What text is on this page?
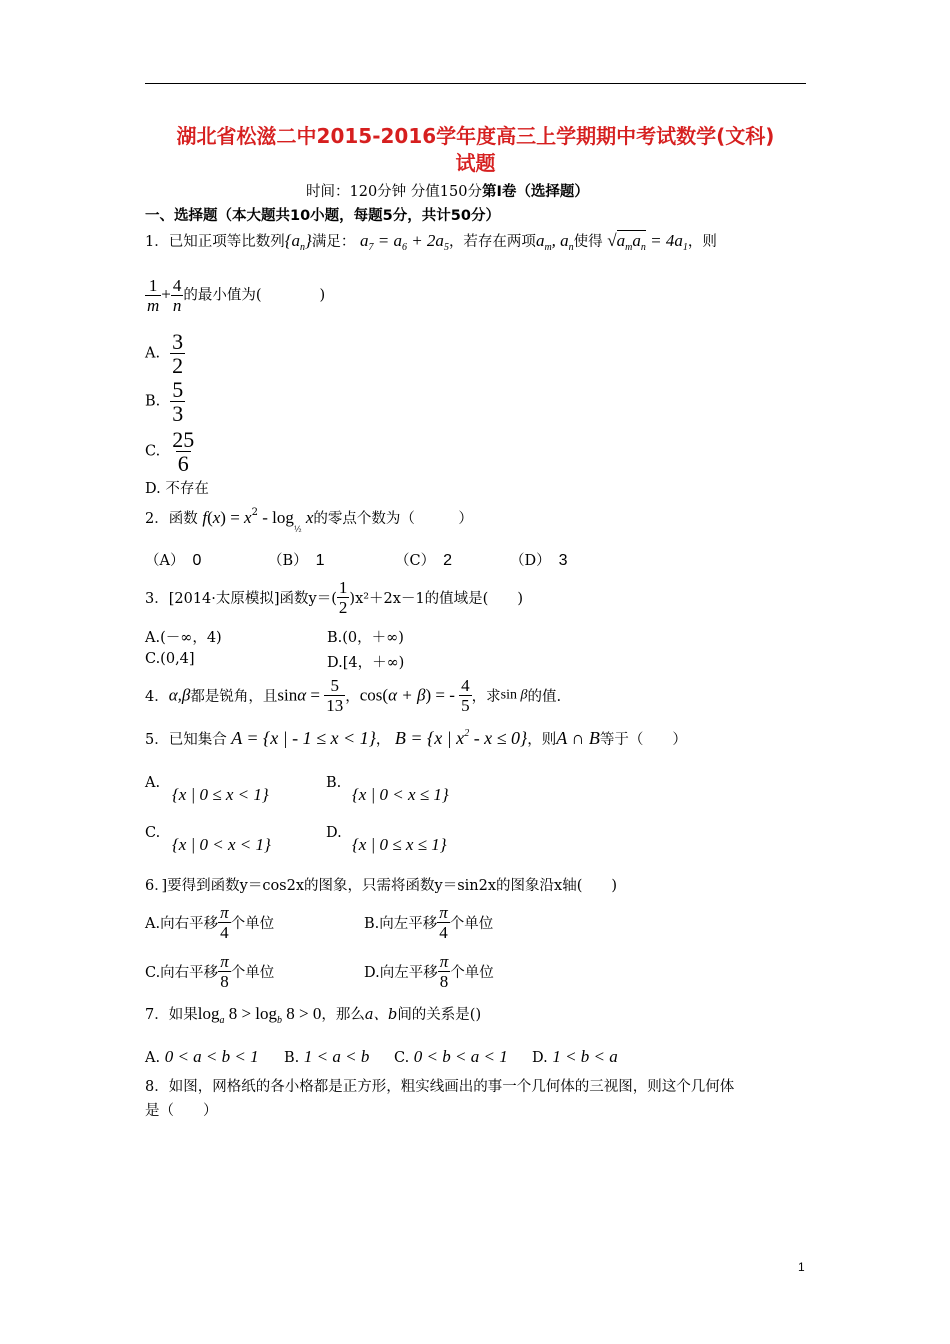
湖北省松滋二中2015-2016学年度高三上学期期中考试数学(文科)
试题
时间：120分钟 分值150分第I卷（选择题）
一、选择题（本大题共10小题，每题5分，共计50分）
1．已知正项等比数列$\{a_n\}$满足： $a_7 = a_6 + 2a_5$，若存在两项$a_m$, $a_n$使得 $√a_ma_n = 4a_1$，则
$\frac{1}{m} + \frac{4}{n}$ 的最小值为(　　　　)
A. $\frac{3}{2}$
B. $\frac{5}{3}$
C. $\frac{25}{6}$
D. 不存在
2．函数 $f(x) = x^2 - \log_{\frac{1}{2}} x$的零点个数为（　　　）
（A） 0	（B） 1	（C） 2	（D） 3
3．[2014·太原模拟]函数$y=( \frac{1}{2} )x^2+2x-1$的值域是(　　)
A.(－∞，4)	B.(0，＋∞)
C.(0,4]	D.[4，＋∞)
4．α,β都是锐角，且$\sin\alpha = \frac{5}{13}$ ，cos(α + β) = - $\frac{4}{5}$ ，求sin β的值.
5．已知集合 A = {x | - 1 ≤ x < 1}， B = {x | $x^2 - x \le 0$}，则A ∩ B等于（　　）
A.
{x | 0 ≤ x < 1}
B.
{x | 0 < x ≤ 1}
C.
{x | 0 < x < 1}
D.
{x | 0 ≤ x ≤ 1}
6．]要得到函数y＝cos2x的图象，只需将函数y＝sin2x的图象沿x轴(　　)
A.向右平移 $\frac{\pi}{4}$ 个单位	B.向左平移 $\frac{\pi}{4}$ 个单位
C.向右平移 $\frac{\pi}{8}$ 个单位	D.向左平移 $\frac{\pi}{8}$ 个单位
7．如果$\log_a 8 > \log_b 8 > 0$，那么a、b间的关系是()
A. 0 < a < b < 1 B. 1 < a < b C. 0 < b < a < 1 D. 1 < b < a
8．如图，网格纸的各小格都是正方形，粗实线画出的事一个几何体的三视图，则这个几何体
是（　　）
1
